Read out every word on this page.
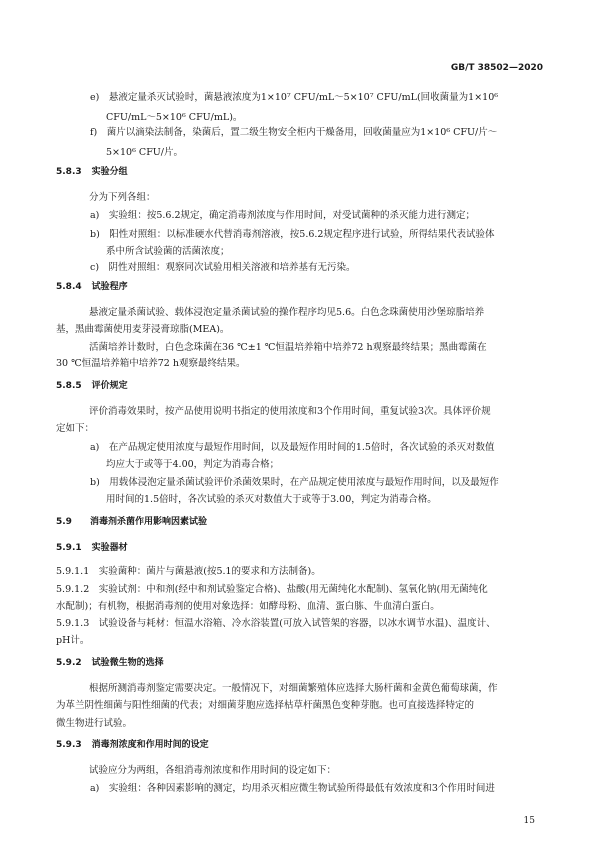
GB/T 38502—2020
e)　悬液定量杀灭试验时，菌悬液浓度为1×10⁷ CFU/mL～5×10⁷ CFU/mL(回收菌量为1×10⁶
CFU/mL～5×10⁶ CFU/mL)。
f)　菌片以滴染法制备，染菌后，置二级生物安全柜内干燥备用，回收菌量应为1×10⁶ CFU/片～
5×10⁶ CFU/片。
5.8.3 实验分组
分为下列各组：
a)　实验组：按5.6.2规定，确定消毒剂浓度与作用时间，对受试菌种的杀灭能力进行测定；
b)　阳性对照组：以标准硬水代替消毒剂溶液，按5.6.2规定程序进行试验，所得结果代表试验体
系中所含试验菌的活菌浓度；
c)　阴性对照组：观察同次试验用相关溶液和培养基有无污染。
5.8.4 试验程序
悬液定量杀菌试验、载体浸泡定量杀菌试验的操作程序均见5.6。白色念珠菌使用沙堡琼脂培养
基，黑曲霉菌使用麦芽浸膏琼脂(MEA)。
活菌培养计数时，白色念珠菌在36 ℃±1 ℃恒温培养箱中培养72 h观察最终结果；黑曲霉菌在
30 ℃恒温培养箱中培养72 h观察最终结果。
5.8.5 评价规定
评价消毒效果时，按产品使用说明书指定的使用浓度和3个作用时间，重复试验3次。具体评价规
定如下：
a)　在产品规定使用浓度与最短作用时间，以及最短作用时间的1.5倍时，各次试验的杀灭对数值
均应大于或等于4.00，判定为消毒合格；
b)　用载体浸泡定量杀菌试验评价杀菌效果时，在产品规定使用浓度与最短作用时间，以及最短作
用时间的1.5倍时，各次试验的杀灭对数值大于或等于3.00，判定为消毒合格。
5.9 消毒剂杀菌作用影响因素试验
5.9.1 实验器材
5.9.1.1　实验菌种：菌片与菌悬液(按5.1的要求和方法制备)。
5.9.1.2　实验试剂：中和剂(经中和剂试验鉴定合格)、盐酸(用无菌纯化水配制)、氢氧化钠(用无菌纯化
水配制)；有机物，根据消毒剂的使用对象选择：如酵母粉、血清、蛋白胨、牛血清白蛋白。
5.9.1.3　试验设备与耗材：恒温水浴箱、冷水浴装置(可放入试管架的容器，以冰水调节水温)、温度计、
pH计。
5.9.2 试验微生物的选择
根据所测消毒剂鉴定需要决定。一般情况下，对细菌繁殖体应选择大肠杆菌和金黄色葡萄球菌，作
为革兰阴性细菌与阳性细菌的代表；对细菌芽胞应选择枯草杆菌黑色变种芽胞。也可直接选择特定的
微生物进行试验。
5.9.3 消毒剂浓度和作用时间的设定
试验应分为两组，各组消毒剂浓度和作用时间的设定如下：
a)　实验组：各种因素影响的测定，均用杀灭相应微生物试验所得最低有效浓度和3个作用时间进
15
